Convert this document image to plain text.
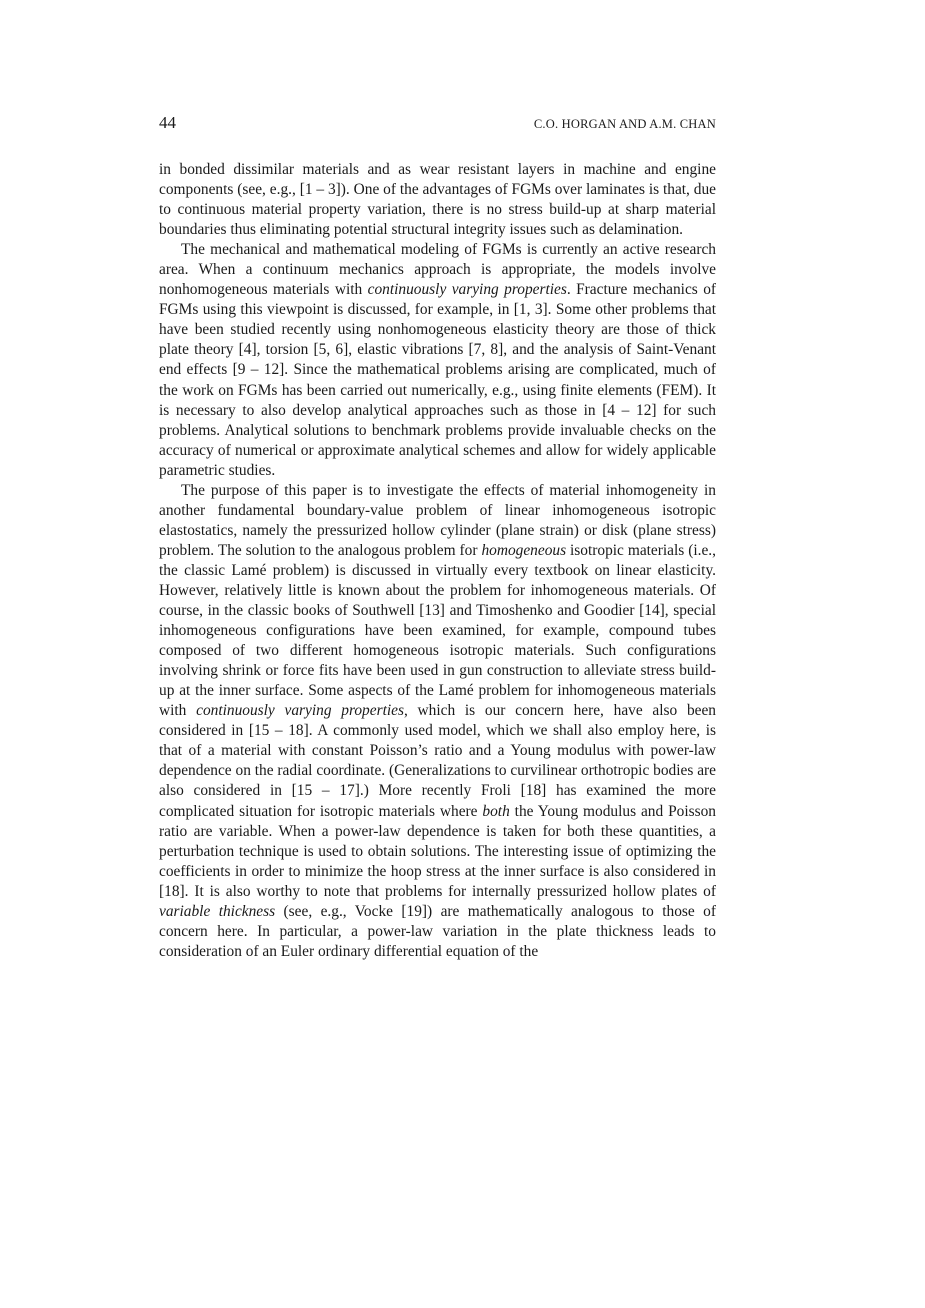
44	C.O. HORGAN AND A.M. CHAN

in bonded dissimilar materials and as wear resistant layers in machine and engine components (see, e.g., [1 – 3]). One of the advantages of FGMs over laminates is that, due to continuous material property variation, there is no stress build-up at sharp material boundaries thus eliminating potential structural integrity issues such as delamination.

The mechanical and mathematical modeling of FGMs is currently an active research area. When a continuum mechanics approach is appropriate, the models involve nonhomogeneous materials with continuously varying properties. Fracture mechanics of FGMs using this viewpoint is discussed, for example, in [1, 3]. Some other problems that have been studied recently using nonhomogeneous elasticity theory are those of thick plate theory [4], torsion [5, 6], elastic vibrations [7, 8], and the analysis of Saint-Venant end effects [9 – 12]. Since the mathematical problems arising are complicated, much of the work on FGMs has been carried out numerically, e.g., using finite elements (FEM). It is necessary to also develop analytical approaches such as those in [4 – 12] for such problems. Analytical solutions to benchmark problems provide invaluable checks on the accuracy of numerical or approximate analytical schemes and allow for widely applicable parametric studies.

The purpose of this paper is to investigate the effects of material inhomogeneity in another fundamental boundary-value problem of linear inhomogeneous isotropic elastostatics, namely the pressurized hollow cylinder (plane strain) or disk (plane stress) problem. The solution to the analogous problem for homogeneous isotropic materials (i.e., the classic Lamé problem) is discussed in virtually every textbook on linear elasticity. However, relatively little is known about the problem for inhomogeneous materials. Of course, in the classic books of Southwell [13] and Timoshenko and Goodier [14], special inhomogeneous configurations have been examined, for example, compound tubes composed of two different homogeneous isotropic materials. Such configurations involving shrink or force fits have been used in gun construction to alleviate stress build-up at the inner surface. Some aspects of the Lamé problem for inhomogeneous materials with continuously varying properties, which is our concern here, have also been considered in [15 – 18]. A commonly used model, which we shall also employ here, is that of a material with constant Poisson’s ratio and a Young modulus with power-law dependence on the radial coordinate. (Generalizations to curvilinear orthotropic bodies are also considered in [15 – 17].) More recently Froli [18] has examined the more complicated situation for isotropic materials where both the Young modulus and Poisson ratio are variable. When a power-law dependence is taken for both these quantities, a perturbation technique is used to obtain solutions. The interesting issue of optimizing the coefficients in order to minimize the hoop stress at the inner surface is also considered in [18]. It is also worthy to note that problems for internally pressurized hollow plates of variable thickness (see, e.g., Vocke [19]) are mathematically analogous to those of concern here. In particular, a power-law variation in the plate thickness leads to consideration of an Euler ordinary differential equation of the
